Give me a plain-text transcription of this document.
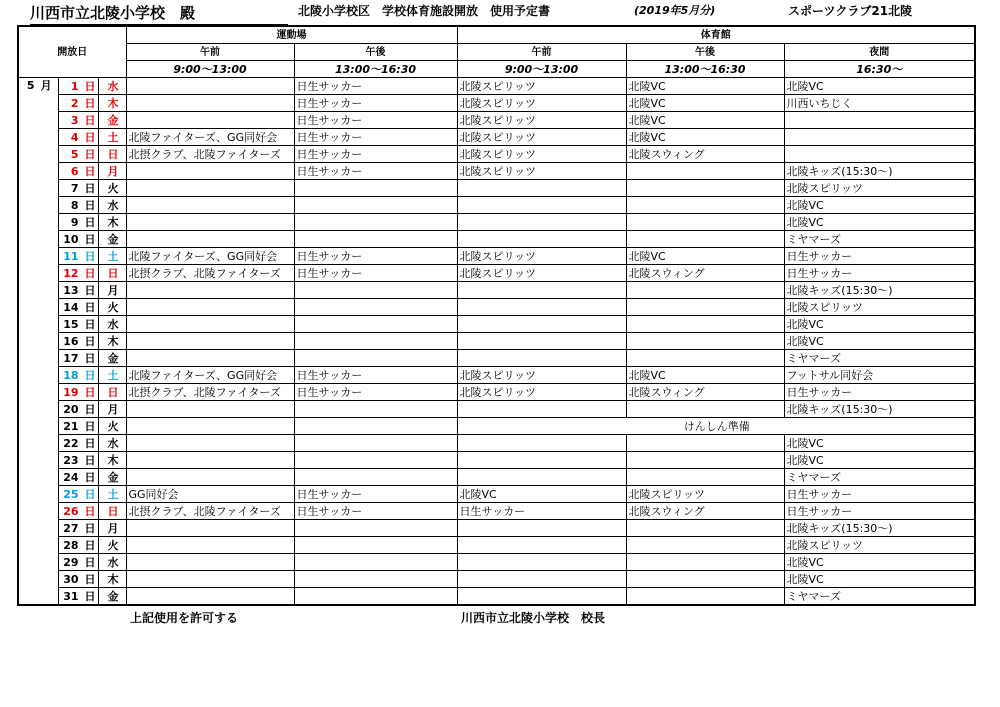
川西市立北陵小学校　殿	北陵小学校区　学校体育施設開放　使用予定書	(2019年5月分)	スポーツクラブ21北陵
開放日			運動場		体育館		
			午前	午後	午前	午後	夜間
			9:00～13:00	13:00～16:30	9:00～13:00	13:00～16:30	16:30～
5 月	1 日	水		日生サッカー	北陵スピリッツ	北陵VC	北陵VC
	2 日	木		日生サッカー	北陵スピリッツ	北陵VC	川西いちじく
	3 日	金		日生サッカー	北陵スピリッツ	北陵VC	
	4 日	土	北陵ファイターズ、GG同好会	日生サッカー	北陵スピリッツ	北陵VC	
	5 日	日	北摂クラブ、北陵ファイターズ	日生サッカー	北陵スピリッツ	北陵スウィング	
	6 日	月		日生サッカー	北陵スピリッツ		北陵キッズ(15:30～)
	7 日	火					北陵スピリッツ
	8 日	水					北陵VC
	9 日	木					北陵VC
	10 日	金					ミヤマーズ
	11 日	土	北陵ファイターズ、GG同好会	日生サッカー	北陵スピリッツ	北陵VC	日生サッカー
	12 日	日	北摂クラブ、北陵ファイターズ	日生サッカー	北陵スピリッツ	北陵スウィング	日生サッカー
	13 日	月					北陵キッズ(15:30～)
	14 日	火					北陵スピリッツ
	15 日	水					北陵VC
	16 日	木					北陵VC
	17 日	金					ミヤマーズ
	18 日	土	北陵ファイターズ、GG同好会	日生サッカー	北陵スピリッツ	北陵VC	フットサル同好会
	19 日	日	北摂クラブ、北陵ファイターズ	日生サッカー	北陵スピリッツ	北陵スウィング	日生サッカー
	20 日	月					北陵キッズ(15:30～)
	21 日	火			けんしん準備		
	22 日	水					北陵VC
	23 日	木					北陵VC
	24 日	金					ミヤマーズ
	25 日	土	GG同好会	日生サッカー	北陵VC	北陵スピリッツ	日生サッカー
	26 日	日	北摂クラブ、北陵ファイターズ	日生サッカー	日生サッカー	北陵スウィング	日生サッカー
	27 日	月					北陵キッズ(15:30～)
	28 日	火					北陵スピリッツ
	29 日	水					北陵VC
	30 日	木					北陵VC
	31 日	金					ミヤマーズ
上記使用を許可する	川西市立北陵小学校　校長
